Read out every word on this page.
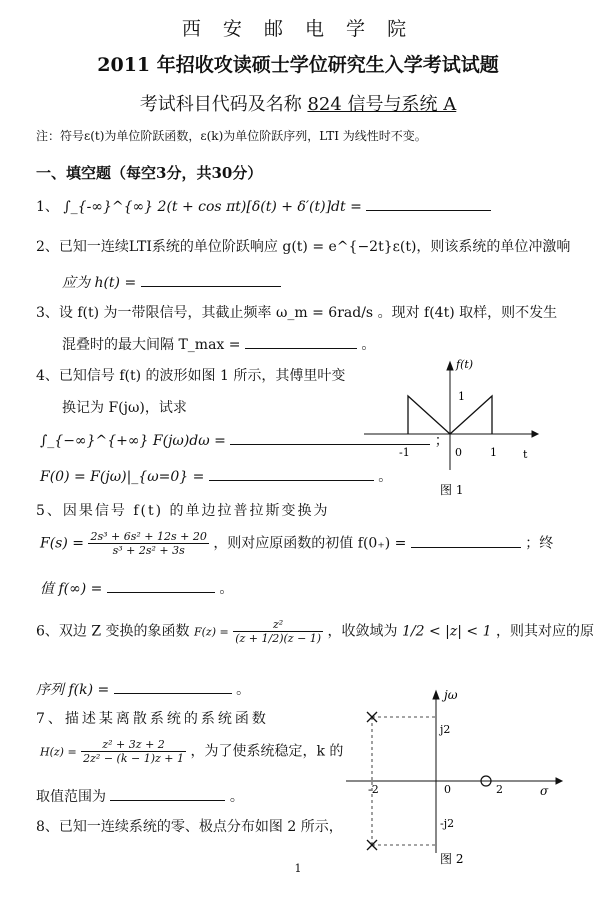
西 安 邮 电 学 院
2011 年招收攻读硕士学位研究生入学考试试题
考试科目代码及名称 824 信号与系统 A
注：符号ε(t)为单位阶跃函数，ε(k)为单位阶跃序列，LTI 为线性时不变。
一、填空题（每空3分，共30分）
1、 ∫_{-∞}^{∞} 2(t + cos πt)[δ(t) + δ′(t)]dt =
2、已知一连续LTI系统的单位阶跃响应 g(t) = e^{−2t}ε(t)，则该系统的单位冲激响
应为 h(t) =
3、设 f(t) 为一带限信号，其截止频率 ω_m = 6rad/s 。现对 f(4t) 取样，则不发生
混叠时的最大间隔 T_max =	。
4、已知信号 f(t) 的波形如图 1 所示，其傅里叶变
换记为 F(jω)，试求
∫_{−∞}^{+∞} F(jω)dω =	；
F(0) = F(jω)|_{ω=0} =	。
f(t)
1
-1	0	1 t
图 1
5、因果信号 f(t) 的单边拉普拉斯变换为
$F(s) = \frac{\text{2s³ + 6s² + 12s + 20}}{\text{s³ + 2s² + 3s}}$ ，则对应原函数的初值 f(0₊) =	；终
值 f(∞) =	。
6、双边 Z 变换的象函数 $F(z) = \frac{\text{z²}}{(z + 1/2)(z - 1)}$ ，收敛域为 1/2 < |z| < 1 ，则其对应的原
序列 f(k) =	。
7、描述某离散系统的系统函数
$H(z) = \frac{\text{z² + 3z + 2}}{\text{2z² − (k − 1)z + 1}}$ ，为了使系统稳定，k 的
取值范围为	。
8、已知一连续系统的零、极点分布如图 2 所示，
jω
j2
-j2
-2	0	2	σ
图 2
1
